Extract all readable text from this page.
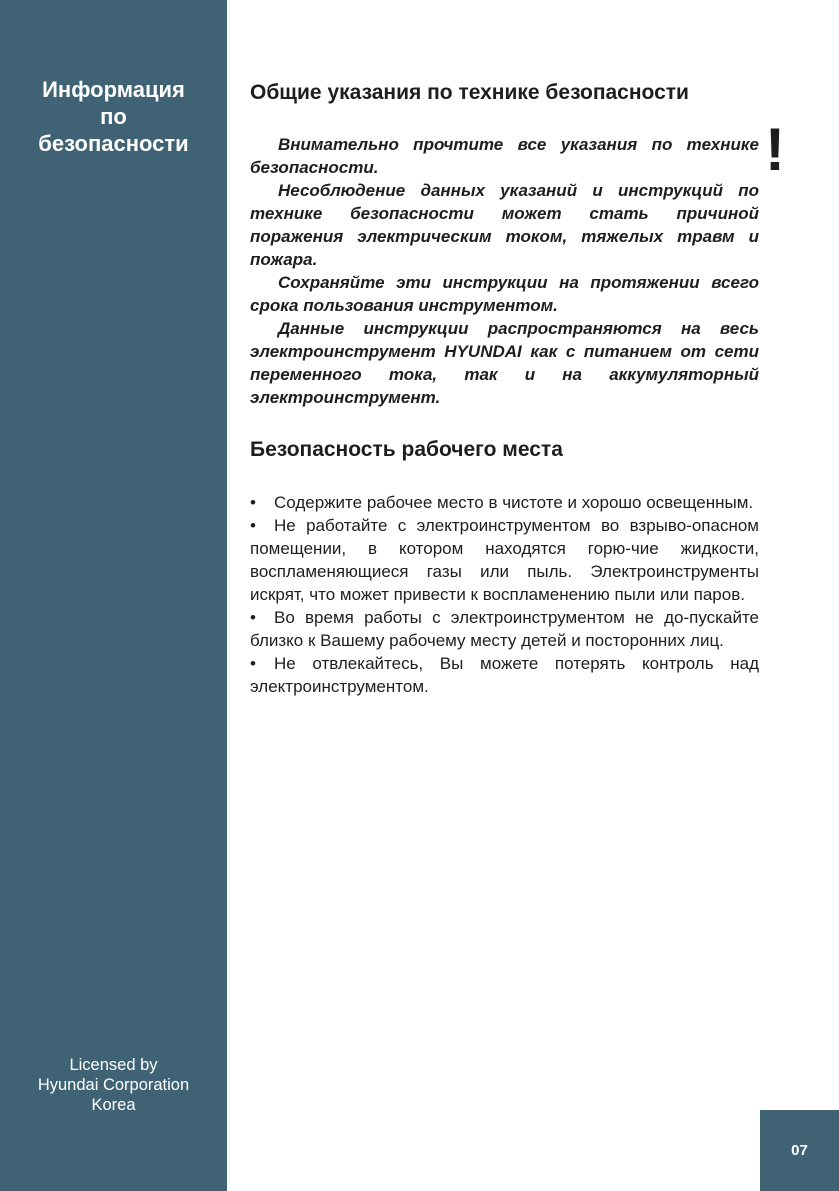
Информация
по
безопасности
Licensed by
Hyundai Corporation
Korea
07
!
Общие указания по технике безопасности

Внимательно прочтите все указания по технике безопасности.

Несоблюдение данных указаний и инструкций по технике безопасности может стать причиной поражения электрическим током, тяжелых травм и пожара.

Сохраняйте эти инструкции на протяжении всего срока пользования инструментом.

Данные инструкции распространяются на весь электроинструмент HYUNDAI как с питанием от сети переменного тока, так и на аккумуляторный электроинструмент.

Безопасность рабочего места

• Содержите рабочее место в чистоте и хорошо освещенным.

• Не работайте с электроинструментом во взрыво-опасном помещении, в котором находятся горю-чие жидкости, воспламеняющиеся газы или пыль. Электроинструменты искрят, что может привести к воспламенению пыли или паров.

• Во время работы с электроинструментом не до-пускайте близко к Вашему рабочему месту детей и посторонних лиц.

• Не отвлекайтесь, Вы можете потерять контроль над электроинструментом.
